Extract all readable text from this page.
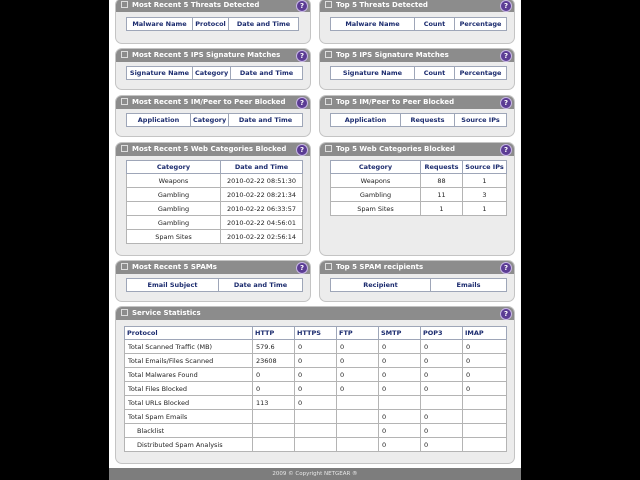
Most Recent 5 Threats Detected	?
Malware Name	Protocol	Date and Time
Top 5 Threats Detected	?
Malware Name	Count	Percentage
Most Recent 5 IPS Signature Matches	?
Signature Name	Category	Date and Time
Top 5 IPS Signature Matches	?
Signature Name	Count	Percentage
Most Recent 5 IM/Peer to Peer Blocked	?
Application	Category	Date and Time
Top 5 IM/Peer to Peer Blocked	?
Application	Requests	Source IPs
Most Recent 5 Web Categories Blocked	?
Category	Date and Time
Weapons	2010-02-22 08:51:30
Gambling	2010-02-22 08:21:34
Gambling	2010-02-22 06:33:57
Gambling	2010-02-22 04:56:01
Spam Sites	2010-02-22 02:56:14
Top 5 Web Categories Blocked	?
Category	Requests	Source IPs
Weapons	88	1
Gambling	11	3
Spam Sites	1	1
Most Recent 5 SPAMs	?
Email Subject	Date and Time
Top 5 SPAM recipients	?
Recipient	Emails
Service Statistics	?
Protocol	HTTP	HTTPS	FTP	SMTP	POP3	IMAP
Total Scanned Traffic (MB)	579.6	0	0	0	0	0
Total Emails/Files Scanned	23608	0	0	0	0	0
Total Malwares Found	0	0	0	0	0	0
Total Files Blocked	0	0	0	0	0	0
Total URLs Blocked	113	0				
Total Spam Emails				0	0	
Blacklist				0	0	
Distributed Spam Analysis				0	0	
2009 © Copyright NETGEAR ®
